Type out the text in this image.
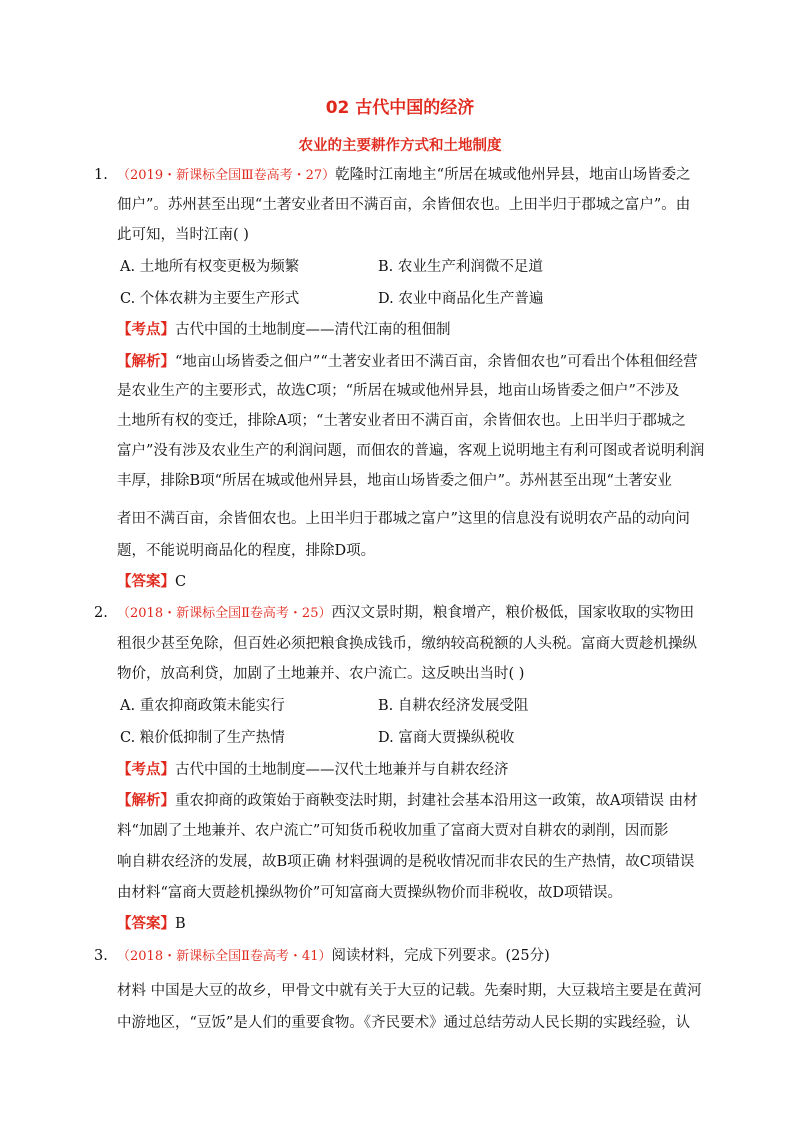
02 古代中国的经济
农业的主要耕作方式和土地制度
1. （2019・新课标全国Ⅲ卷高考・27）乾隆时江南地主“所居在城或他州异县，地亩山场皆委之
佃户”。苏州甚至出现“土著安业者田不满百亩，余皆佃农也。上田半归于郡城之富户”。由
此可知，当时江南( )
A. 土地所有权变更极为频繁	B. 农业生产利润微不足道
C. 个体农耕为主要生产形式	D. 农业中商品化生产普遍
【考点】古代中国的土地制度——清代江南的租佃制
【解析】“地亩山场皆委之佃户”“土著安业者田不满百亩，余皆佃农也”可看出个体租佃经营
是农业生产的主要形式，故选C项；“所居在城或他州异县，地亩山场皆委之佃户”不涉及
土地所有权的变迁，排除A项；“土著安业者田不满百亩，余皆佃农也。上田半归于郡城之
富户”没有涉及农业生产的利润问题，而佃农的普遍，客观上说明地主有利可图或者说明利润
丰厚，排除B项“所居在城或他州异县，地亩山场皆委之佃户”。苏州甚至出现“土著安业
者田不满百亩，余皆佃农也。上田半归于郡城之富户”这里的信息没有说明农产品的动向问
题，不能说明商品化的程度，排除D项。
【答案】C
2. （2018・新课标全国Ⅱ卷高考・25）西汉文景时期，粮食增产，粮价极低，国家收取的实物田
租很少甚至免除，但百姓必须把粮食换成钱币，缴纳较高税额的人头税。富商大贾趁机操纵
物价，放高利贷，加剧了土地兼并、农户流亡。这反映出当时( )
A. 重农抑商政策未能实行	B. 自耕农经济发展受阻
C. 粮价低抑制了生产热情	D. 富商大贾操纵税收
【考点】古代中国的土地制度——汉代土地兼并与自耕农经济
【解析】重农抑商的政策始于商鞅变法时期，封建社会基本沿用这一政策，故A项错误 由材
料“加剧了土地兼并、农户流亡”可知货币税收加重了富商大贾对自耕农的剥削，因而影
响自耕农经济的发展，故B项正确 材料强调的是税收情况而非农民的生产热情，故C项错误
由材料“富商大贾趁机操纵物价”可知富商大贾操纵物价而非税收，故D项错误。
【答案】B
3. （2018・新课标全国Ⅱ卷高考・41）阅读材料，完成下列要求。(25分)
材料 中国是大豆的故乡，甲骨文中就有关于大豆的记载。先秦时期，大豆栽培主要是在黄河
中游地区，“豆饭”是人们的重要食物。《齐民要术》通过总结劳动人民长期的实践经验，认
